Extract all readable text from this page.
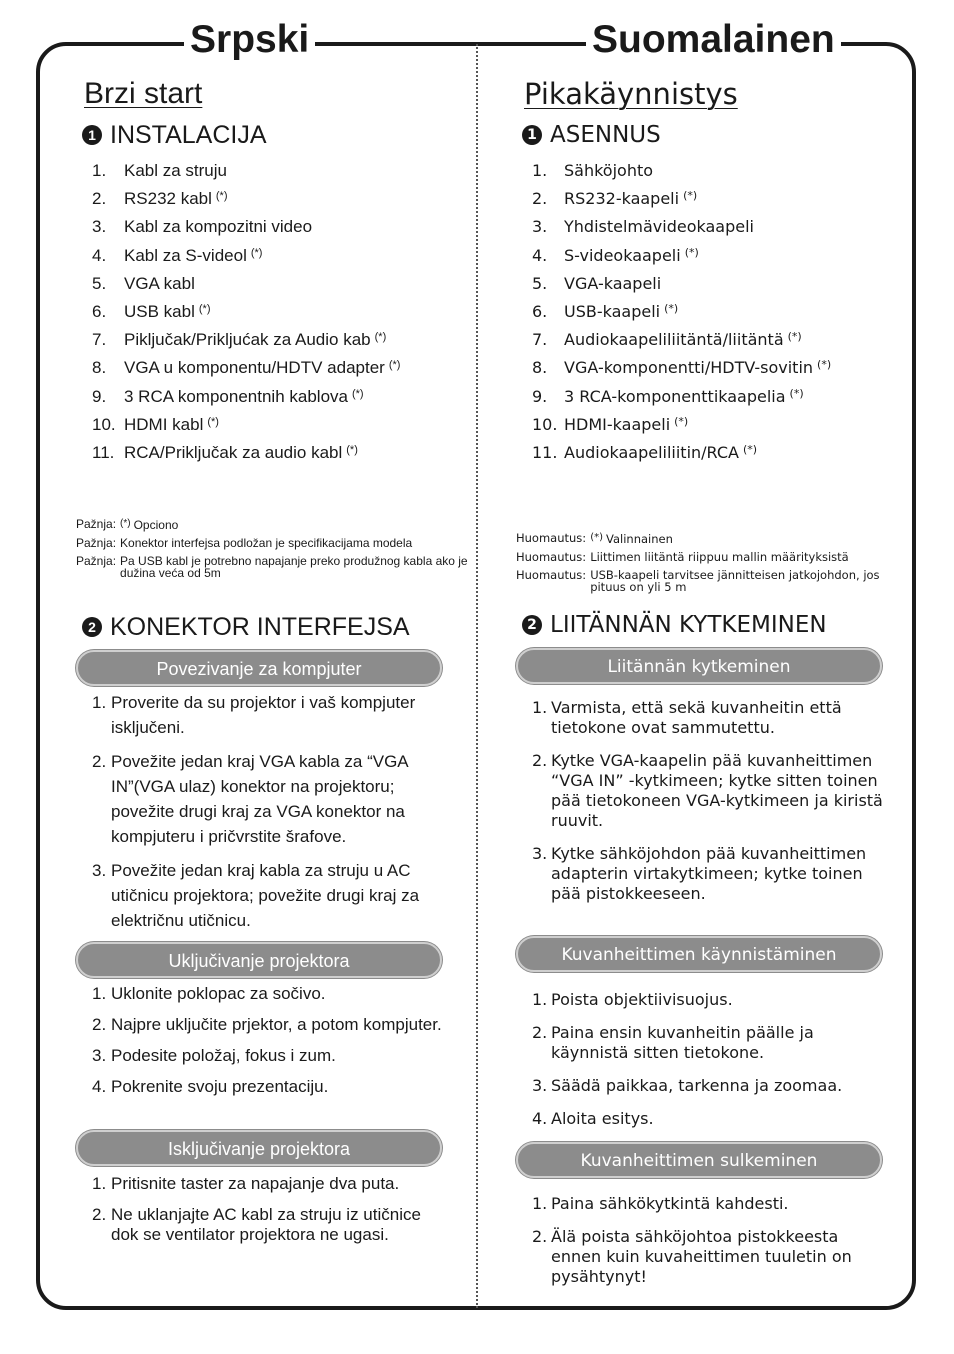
Srpski	Suomalainen
Brzi start
1 INSTALACIJA
1. Kabl za struju
2. RS232 kabl (*)
3. Kabl za kompozitni video
4. Kabl za S-videol (*)
5. VGA kabl
6. USB kabl (*)
7. Piključak/Prikljućak za Audio kab (*)
8. VGA u komponentu/HDTV adapter (*)
9. 3 RCA komponentnih kablova (*)
10. HDMI kabl (*)
11. RCA/Priključak za audio kabl (*)
Pažnja: (*) Opciono
Pažnja: Konektor interfejsa podložan je specifikacijama modela
Pažnja: Pa USB kabl je potrebno napajanje preko produžnog kabla ako je dužina veća od 5m
2 KONEKTOR INTERFEJSA
Povezivanje za kompjuter
1. Proverite da su projektor i vaš kompjuter isključeni.
2. Povežite jedan kraj VGA kabla za “VGA IN”(VGA ulaz) konektor na projektoru; povežite drugi kraj za VGA konektor na kompjuteru i pričvrstite šrafove.
3. Povežite jedan kraj kabla za struju u AC utičnicu projektora; povežite drugi kraj za električnu utičnicu.
Uključivanje projektora
1. Uklonite poklopac za sočivo.
2. Najpre uključite prjektor, a potom kompjuter.
3. Podesite položaj, fokus i zum.
4. Pokrenite svoju prezentaciju.
Isključivanje projektora
1. Pritisnite taster za napajanje dva puta.
2. Ne uklanjajte AC kabl za struju iz utičnice dok se ventilator projektora ne ugasi.
Pikakäynnistys
1 ASENNUS
1. Sähköjohto
2. RS232-kaapeli (*)
3. Yhdistelmävideokaapeli
4. S-videokaapeli (*)
5. VGA-kaapeli
6. USB-kaapeli (*)
7. Audiokaapeliliitäntä/liitäntä (*)
8. VGA-komponentti/HDTV-sovitin (*)
9. 3 RCA-komponenttikaapelia (*)
10. HDMI-kaapeli (*)
11. Audiokaapeliliitin/RCA (*)
Huomautus: (*) Valinnainen
Huomautus: Liittimen liitäntä riippuu mallin määrityksistä
Huomautus: USB-kaapeli tarvitsee jännitteisen jatkojohdon, jos pituus on yli 5 m
2 LIITÄNNÄN KYTKEMINEN
Liitännän kytkeminen
1. Varmista, että sekä kuvanheitin että tietokone ovat sammutettu.
2. Kytke VGA-kaapelin pää kuvanheittimen “VGA IN” -kytkimeen; kytke sitten toinen pää tietokoneen VGA-kytkimeen ja kiristä ruuvit.
3. Kytke sähköjohdon pää kuvanheittimen adapterin virtakytkimeen; kytke toinen pää pistokkeeseen.
Kuvanheittimen käynnistäminen
1. Poista objektiivisuojus.
2. Paina ensin kuvanheitin päälle ja käynnistä sitten tietokone.
3. Säädä paikkaa, tarkenna ja zoomaa.
4. Aloita esitys.
Kuvanheittimen sulkeminen
1. Paina sähkökytkintä kahdesti.
2. Älä poista sähköjohtoa pistokkeesta ennen kuin kuvaheittimen tuuletin on pysähtynyt!
